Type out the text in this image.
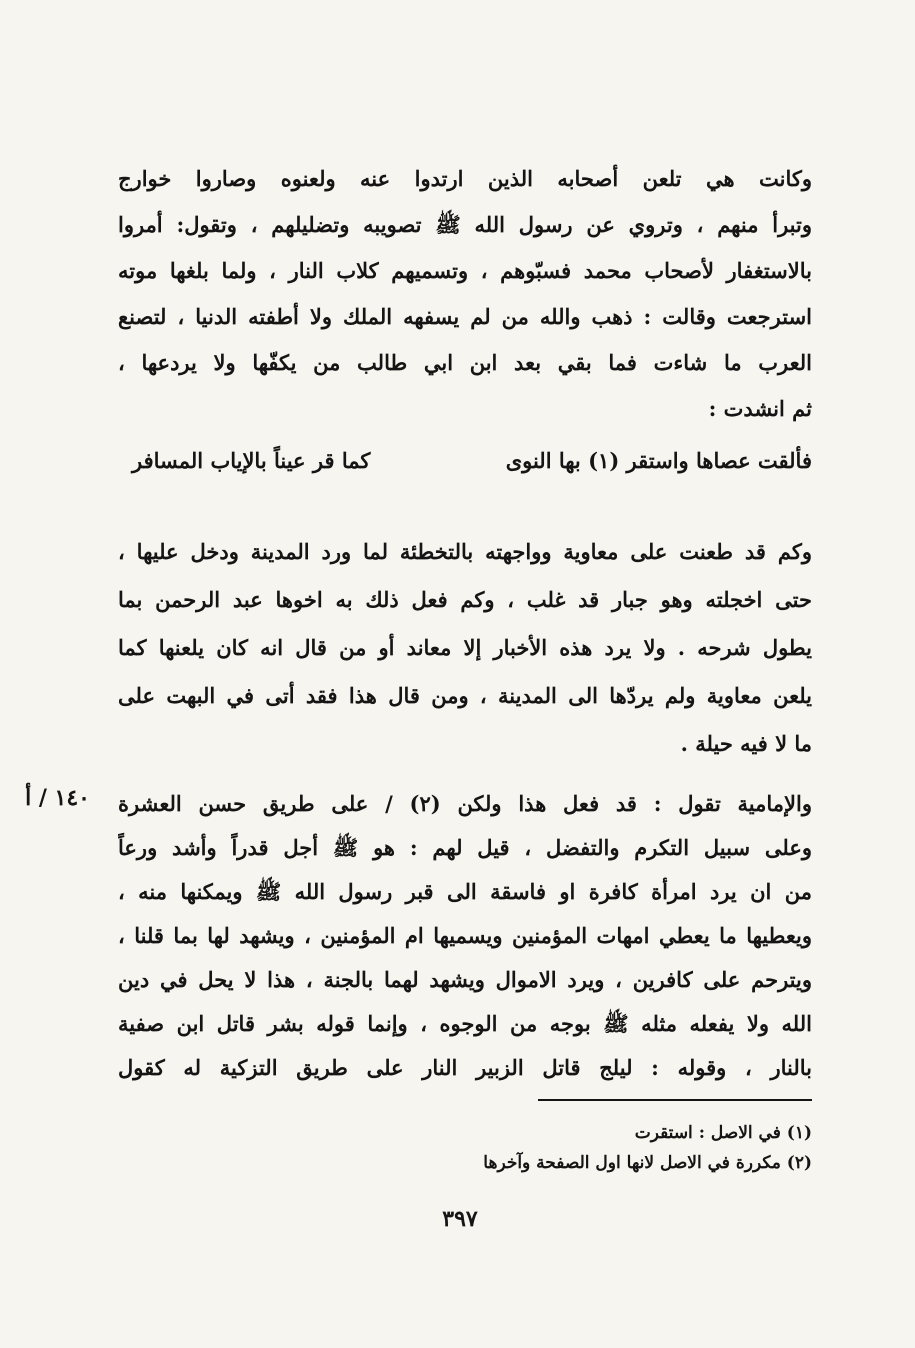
وكانت هي تلعن أصحابه الذين ارتدوا عنه ولعنوه وصاروا خوارج
وتبرأ منهم ، وتروي عن رسول الله ﷺ تصويبه وتضليلهم ، وتقول: أمروا
بالاستغفار لأصحاب محمد فسبّوهم ، وتسميهم كلاب النار ، ولما بلغها موته
استرجعت وقالت : ذهب والله من لم يسفهه الملك ولا أطفته الدنيا ، لتصنع
العرب ما شاءت فما بقي بعد ابن ابي طالب من يكفّها ولا يردعها ،
ثم انشدت :
فألقت عصاها واستقر (١) بها النوى
كما قر عيناً بالإياب المسافر
وكم قد طعنت على معاوية وواجهته بالتخطئة لما ورد المدينة ودخل عليها ،
حتى اخجلته وهو جبار قد غلب ، وكم فعل ذلك به اخوها عبد الرحمن بما
يطول شرحه . ولا يرد هذه الأخبار إلا معاند أو من قال انه كان يلعنها كما
يلعن معاوية ولم يردّها الى المدينة ، ومن قال هذا فقد أتى في البهت على
ما لا فيه حيلة .
١٤٠ / أ والإمامية تقول : قد فعل هذا ولكن (٢) / على طريق حسن العشرة
وعلى سبيل التكرم والتفضل ، قيل لهم : هو ﷺ أجل قدراً وأشد ورعاً
من ان يرد امرأة كافرة او فاسقة الى قبر رسول الله ﷺ ويمكنها منه ،
ويعطيها ما يعطي امهات المؤمنين ويسميها ام المؤمنين ، ويشهد لها بما قلنا ،
ويترحم على كافرين ، ويرد الاموال ويشهد لهما بالجنة ، هذا لا يحل في دين
الله ولا يفعله مثله ﷺ بوجه من الوجوه ، وإنما قوله بشر قاتل ابن صفية
بالنار ، وقوله : ليلج قاتل الزبير النار على طريق التزكية له كقول
(١) في الاصل : استقرت
(٢) مكررة في الاصل لانها اول الصفحة وآخرها
٣٩٧
